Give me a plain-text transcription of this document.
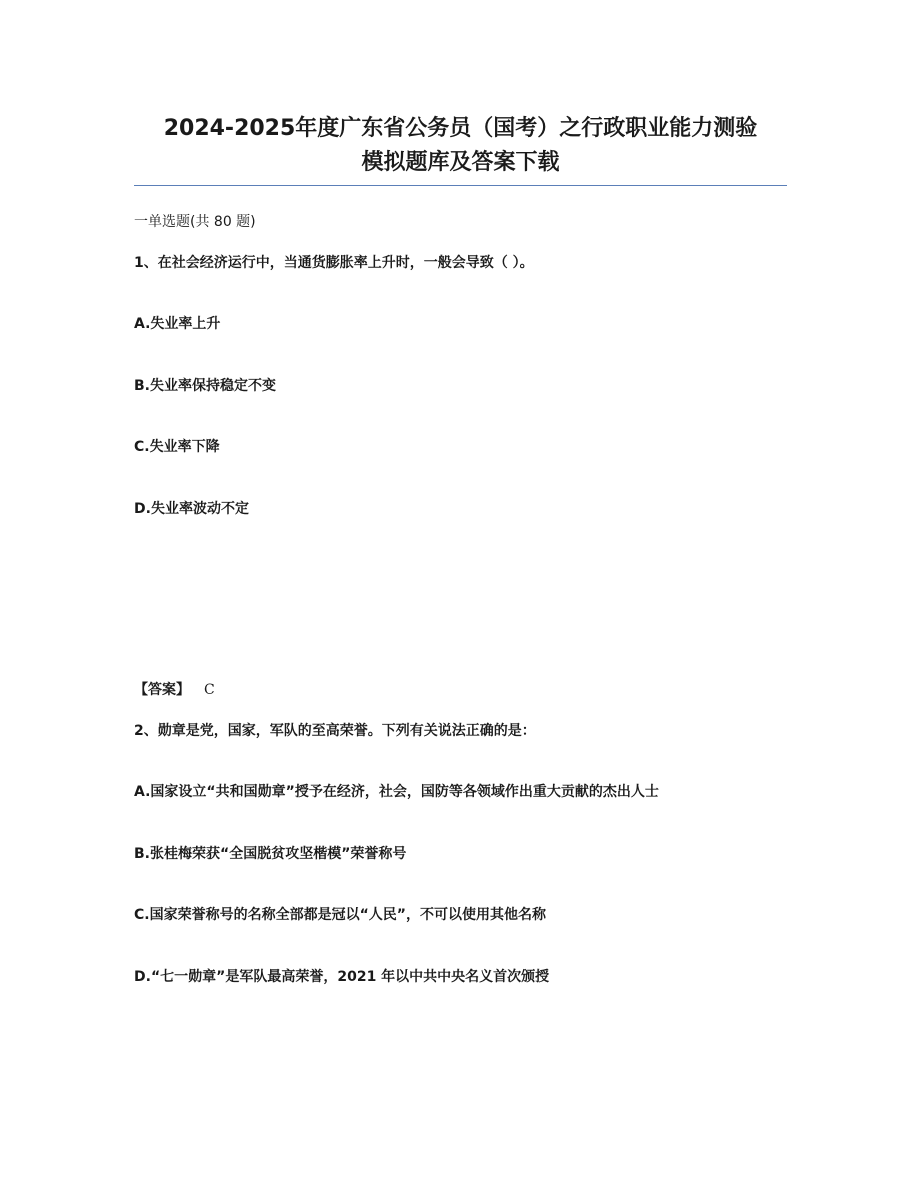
2024-2025年度广东省公务员（国考）之行政职业能力测验
模拟题库及答案下载
一单选题(共 80 题)
1、在社会经济运行中，当通货膨胀率上升时，一般会导致（ ）。
A.失业率上升
B.失业率保持稳定不变
C.失业率下降
D.失业率波动不定
【答案】 C
2、勋章是党，国家，军队的至高荣誉。下列有关说法正确的是：
A.国家设立“共和国勋章”授予在经济，社会，国防等各领域作出重大贡献的杰出人士
B.张桂梅荣获“全国脱贫攻坚楷模”荣誉称号
C.国家荣誉称号的名称全部都是冠以“人民”，不可以使用其他名称
D.“七一勋章”是军队最高荣誉，2021 年以中共中央名义首次颁授
